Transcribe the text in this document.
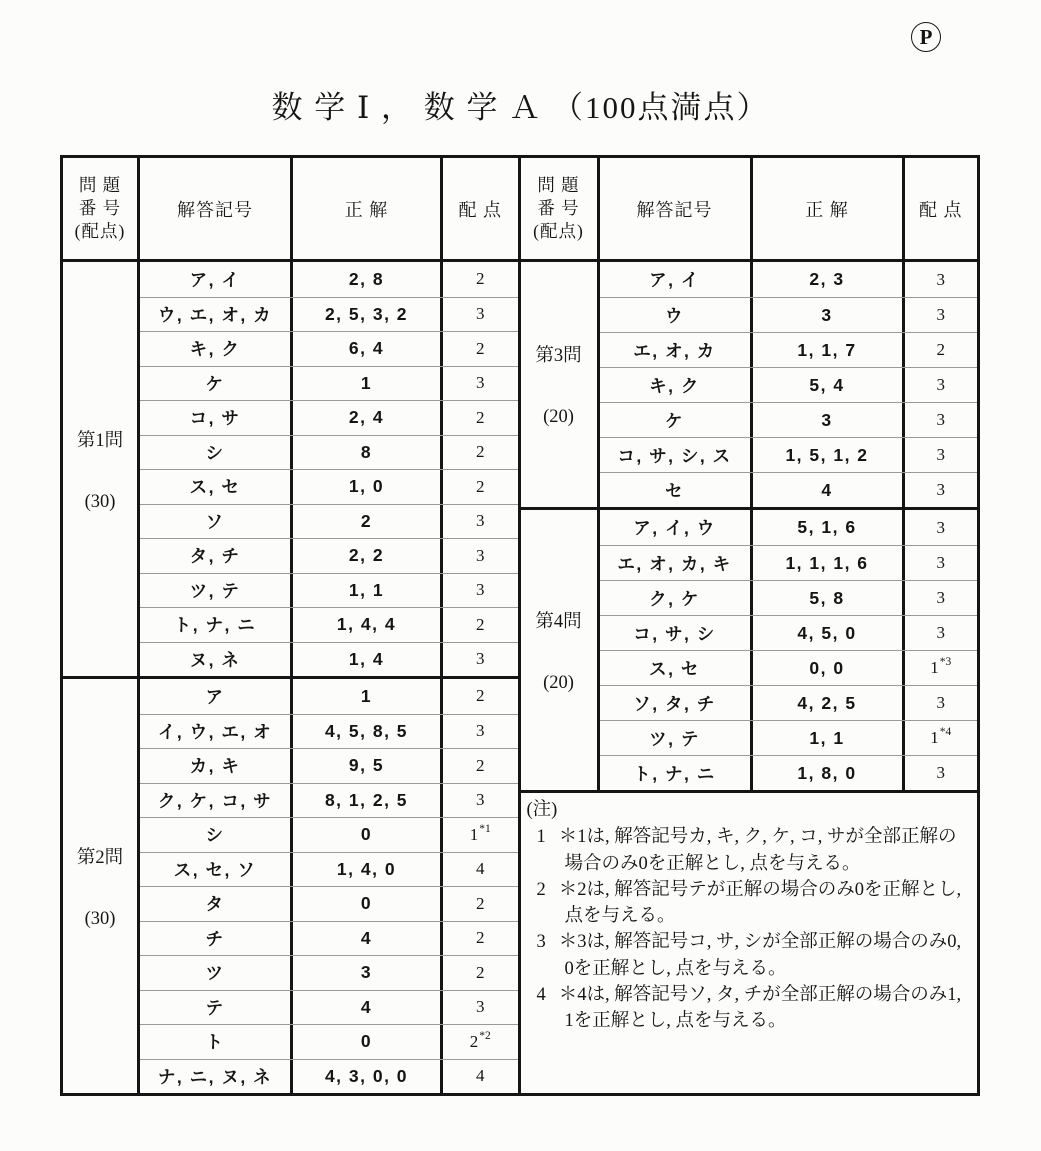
P
数 学 Ⅰ ， 数 学 Ａ （100点満点）
問 題
番 号
(配点)
解答記号	正 解	配 点
第1問
(30)
ア, イ	2, 8	2
ウ, エ, オ, カ	2, 5, 3, 2	3
キ, ク	6, 4	2
ケ	1	3
コ, サ	2, 4	2
シ	8	2
ス, セ	1, 0	2
ソ	2	3
タ, チ	2, 2	3
ツ, テ	1, 1	3
ト, ナ, ニ	1, 4, 4	2
ヌ, ネ	1, 4	3
第2問
(30)
ア	1	2
イ, ウ, エ, オ	4, 5, 8, 5	3
カ, キ	9, 5	2
ク, ケ, コ, サ	8, 1, 2, 5	3
シ	0	1 *1
ス, セ, ソ	1, 4, 0	4
タ	0	2
チ	4	2
ツ	3	2
テ	4	3
ト	0	2 *2
ナ, ニ, ヌ, ネ	4, 3, 0, 0	4
問 題
番 号
(配点)
解答記号	正 解	配 点
第3問
(20)
ア, イ	2, 3	3
ウ	3	3
エ, オ, カ	1, 1, 7	2
キ, ク	5, 4	3
ケ	3	3
コ, サ, シ, ス	1, 5, 1, 2	3
セ	4	3
第4問
(20)
ア, イ, ウ	5, 1, 6	3
エ, オ, カ, キ	1, 1, 1, 6	3
ク, ケ	5, 8	3
コ, サ, シ	4, 5, 0	3
ス, セ	0, 0	1 *3
ソ, タ, チ	4, 2, 5	3
ツ, テ	1, 1	1 *4
ト, ナ, ニ	1, 8, 0	3
(注)
1 ＊1は, 解答記号カ, キ, ク, ケ, コ, サが全部正解の場合のみ0を正解とし, 点を与える。
2 ＊2は, 解答記号テが正解の場合のみ0を正解とし, 点を与える。
3 ＊3は, 解答記号コ, サ, シが全部正解の場合のみ0, 0を正解とし, 点を与える。
4 ＊4は, 解答記号ソ, タ, チが全部正解の場合のみ1, 1を正解とし, 点を与える。
